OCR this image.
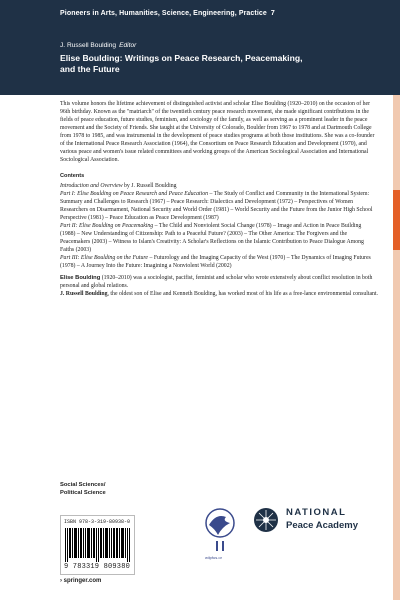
Pioneers in Arts, Humanities, Science, Engineering, Practice 7
J. Russell Boulding Editor
Elise Boulding: Writings on Peace Research, Peacemaking,
and the Future

This volume honors the lifetime achievement of distinguished activist and scholar Elise Boulding (1920–2010) on the occasion of her 96th birthday. Known as the "matriarch" of the twentieth century peace research movement, she made significant contributions in the fields of peace education, future studies, feminism, and sociology of the family, as well as serving as a prominent leader in the peace movement and the Society of Friends. She taught at the University of Colorado, Boulder from 1967 to 1978 and at Dartmouth College from 1978 to 1985, and was instrumental in the development of peace studies programs at both those institutions. She was a co-founder of the International Peace Research Association (1964), the Consortium on Peace Research Education and Development (1970), and various peace and women's issue related committees and working groups of the American Sociological Association and International Sociological Association.

Contents

Introduction and Overview by J. Russell Boulding

Part I: Elise Boulding on Peace Research and Peace Education – The Study of Conflict and Community in the International System: Summary and Challenges to Research (1967) – Peace Research: Dialectics and Development (1972) – Perspectives of Women Researchers on Disarmament, National Security and World Order (1981) – World Security and the Future from the Junior High School Perspective (1981) – Peace Education as Peace Development (1987)

Part II: Elise Boulding on Peacemaking – The Child and Nonviolent Social Change (1978) – Image and Action in Peace Building (1988) – New Understanding of Citizenship: Path to a Peaceful Future? (2003) – The Other America: The Forgivers and the Peacemakers (2003) – Witness to Islam's Creativity: A Scholar's Reflections on the Islamic Contribution to Peace Dialogue Among Faiths (2003)

Part III: Elise Boulding on the Future – Futurology and the Imaging Capacity of the West (1970) – The Dynamics of Imaging Futures (1978) – A Journey Into the Future: Imagining a Nonviolent World (2002)

Elise Boulding (1920–2010) was a sociologist, pacifist, feminist and scholar who wrote extensively about conflict resolution in both personal and global relations.

J. Russell Boulding, the oldest son of Elise and Kenneth Boulding, has worked most of his life as a free-lance environmental consultant.

Social Sciences/
Political Science
ISBN 978-3-319-80938-0
9 783319 809380
› springer.com
wilpfus.or
NATIONAL
Peace Academy
